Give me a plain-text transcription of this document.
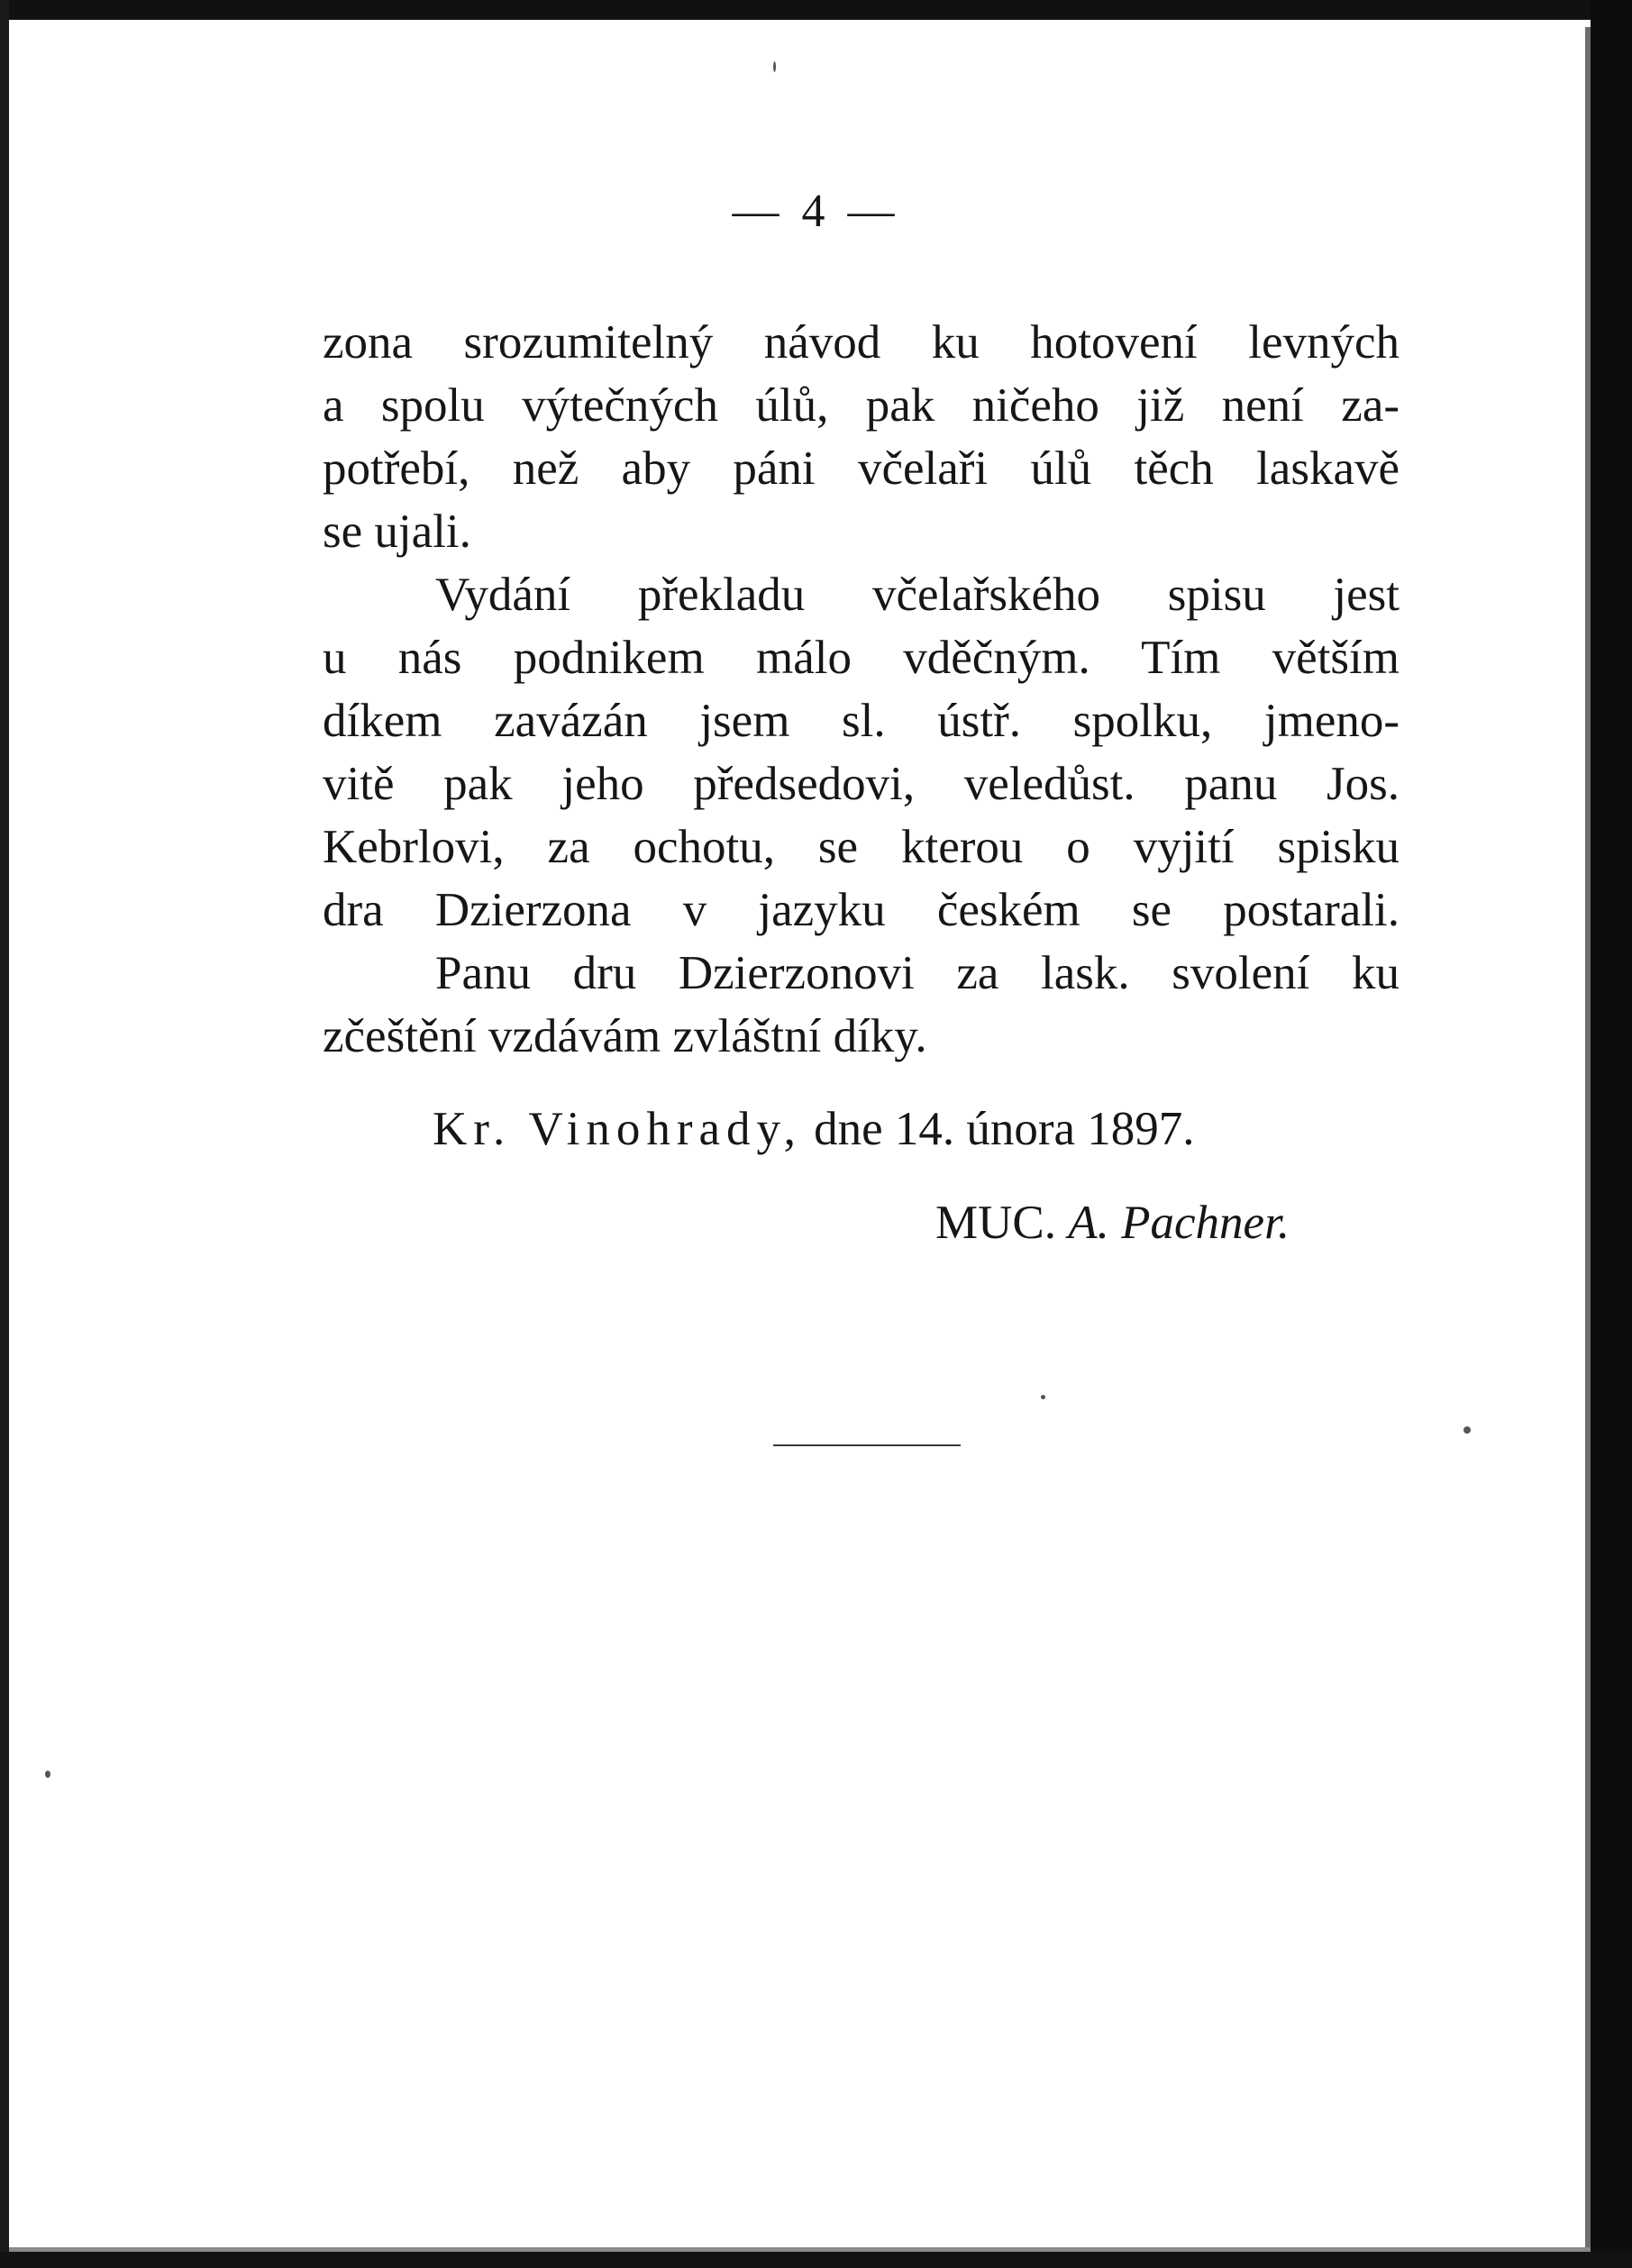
— 4 —
zona srozumitelný návod ku hotovení levných
a spolu výtečných úlů, pak ničeho již není za-
potřebí, než aby páni včelaři úlů těch laskavě
se ujali.
Vydání překladu včelařského spisu jest
u nás podnikem málo vděčným. Tím větším
díkem zavázán jsem sl. ústř. spolku, jmeno-
vitě pak jeho předsedovi, veledůst. panu Jos.
Kebrlovi, za ochotu, se kterou o vyjití spisku
dra Dzierzona v jazyku českém se postarali.
Panu dru Dzierzonovi za lask. svolení ku
zčeštění vzdávám zvláštní díky.
Kr. Vinohrady, dne 14. února 1897.
MUC. A. Pachner.
